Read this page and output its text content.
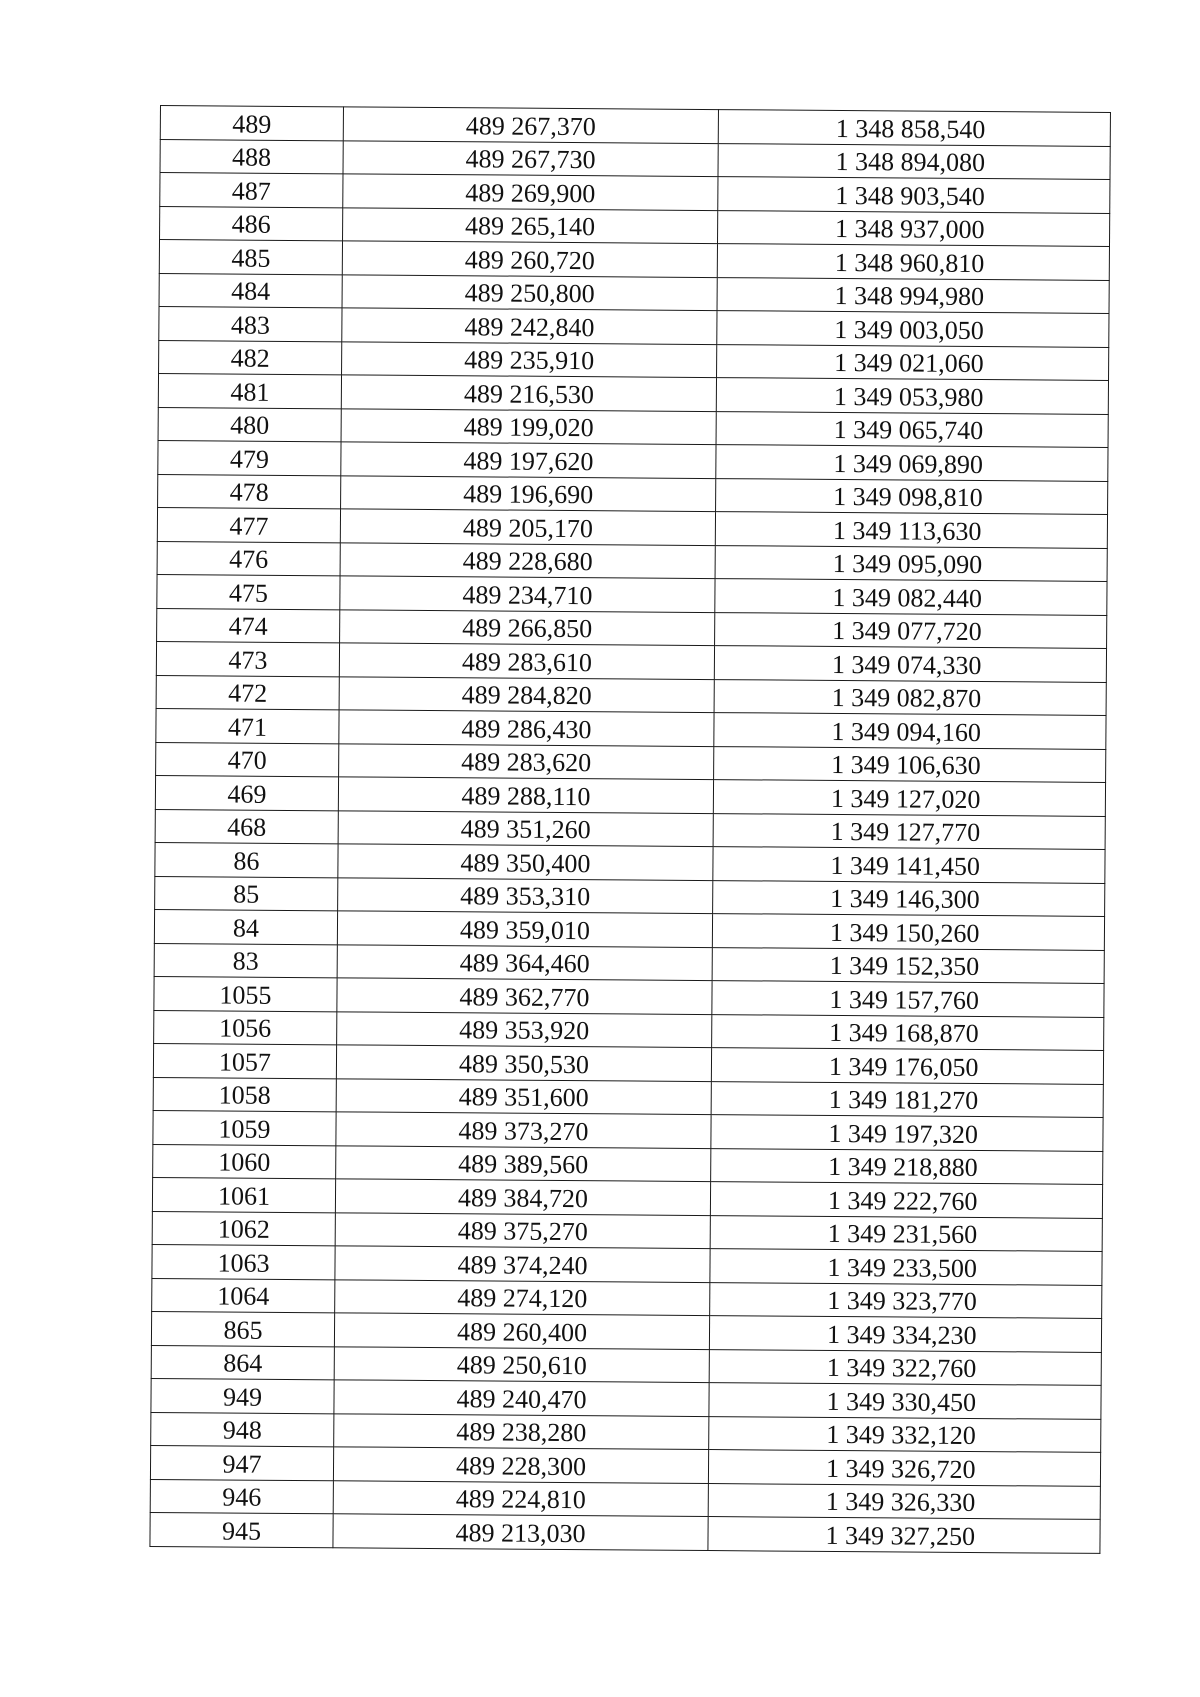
489	489 267,370	1 348 858,540
488	489 267,730	1 348 894,080
487	489 269,900	1 348 903,540
486	489 265,140	1 348 937,000
485	489 260,720	1 348 960,810
484	489 250,800	1 348 994,980
483	489 242,840	1 349 003,050
482	489 235,910	1 349 021,060
481	489 216,530	1 349 053,980
480	489 199,020	1 349 065,740
479	489 197,620	1 349 069,890
478	489 196,690	1 349 098,810
477	489 205,170	1 349 113,630
476	489 228,680	1 349 095,090
475	489 234,710	1 349 082,440
474	489 266,850	1 349 077,720
473	489 283,610	1 349 074,330
472	489 284,820	1 349 082,870
471	489 286,430	1 349 094,160
470	489 283,620	1 349 106,630
469	489 288,110	1 349 127,020
468	489 351,260	1 349 127,770
86	489 350,400	1 349 141,450
85	489 353,310	1 349 146,300
84	489 359,010	1 349 150,260
83	489 364,460	1 349 152,350
1055	489 362,770	1 349 157,760
1056	489 353,920	1 349 168,870
1057	489 350,530	1 349 176,050
1058	489 351,600	1 349 181,270
1059	489 373,270	1 349 197,320
1060	489 389,560	1 349 218,880
1061	489 384,720	1 349 222,760
1062	489 375,270	1 349 231,560
1063	489 374,240	1 349 233,500
1064	489 274,120	1 349 323,770
865	489 260,400	1 349 334,230
864	489 250,610	1 349 322,760
949	489 240,470	1 349 330,450
948	489 238,280	1 349 332,120
947	489 228,300	1 349 326,720
946	489 224,810	1 349 326,330
945	489 213,030	1 349 327,250
